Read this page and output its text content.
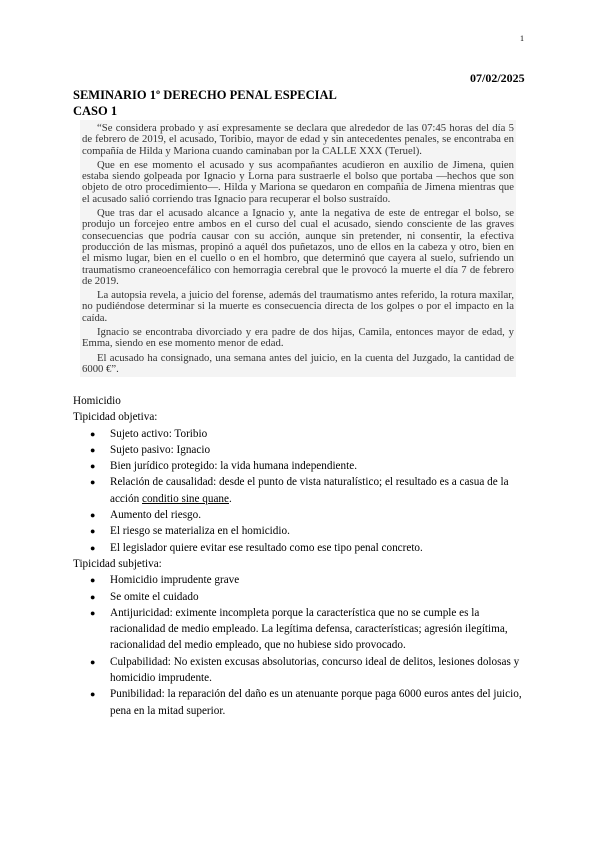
1
07/02/2025
SEMINARIO 1º DERECHO PENAL ESPECIAL
CASO 1

“Se considera probado y así expresamente se declara que alrededor de las 07:45 horas del día 5 de febrero de 2019, el acusado, Toribio, mayor de edad y sin antecedentes penales, se encontraba en compañía de Hilda y Mariona cuando caminaban por la CALLE XXX (Teruel).

Que en ese momento el acusado y sus acompañantes acudieron en auxilio de Jimena, quien estaba siendo golpeada por Ignacio y Lorna para sustraerle el bolso que portaba —hechos que son objeto de otro procedimiento—. Hilda y Mariona se quedaron en compañía de Jimena mientras que el acusado salió corriendo tras Ignacio para recuperar el bolso sustraído.

Que tras dar el acusado alcance a Ignacio y, ante la negativa de este de entregar el bolso, se produjo un forcejeo entre ambos en el curso del cual el acusado, siendo consciente de las graves consecuencias que podría causar con su acción, aunque sin pretender, ni consentir, la efectiva producción de las mismas, propinó a aquél dos puñetazos, uno de ellos en la cabeza y otro, bien en el mismo lugar, bien en el cuello o en el hombro, que determinó que cayera al suelo, sufriendo un traumatismo craneoencefálico con hemorragia cerebral que le provocó la muerte el día 7 de febrero de 2019.

La autopsia revela, a juicio del forense, además del traumatismo antes referido, la rotura maxilar, no pudiéndose determinar si la muerte es consecuencia directa de los golpes o por el impacto en la caída.

Ignacio se encontraba divorciado y era padre de dos hijas, Camila, entonces mayor de edad, y Emma, siendo en ese momento menor de edad.

El acusado ha consignado, una semana antes del juicio, en la cuenta del Juzgado, la cantidad de 6000 €”.

Homicidio

Tipicidad objetiva:

● Sujeto activo: Toribio
● Sujeto pasivo: Ignacio
● Bien jurídico protegido: la vida humana independiente.
● Relación de causalidad: desde el punto de vista naturalístico; el resultado es a casua de la acción conditio sine quane.
● Aumento del riesgo.
● El riesgo se materializa en el homicidio.
● El legislador quiere evitar ese resultado como ese tipo penal concreto.

Tipicidad subjetiva:

● Homicidio imprudente grave
● Se omite el cuidado
● Antijuricidad: eximente incompleta porque la característica que no se cumple es la racionalidad de medio empleado. La legítima defensa, características; agresión ilegítima, racionalidad del medio empleado, que no hubiese sido provocado.
● Culpabilidad: No existen excusas absolutorias, concurso ideal de delitos, lesiones dolosas y homicidio imprudente.
● Punibilidad: la reparación del daño es un atenuante porque paga 6000 euros antes del juicio, pena en la mitad superior.
